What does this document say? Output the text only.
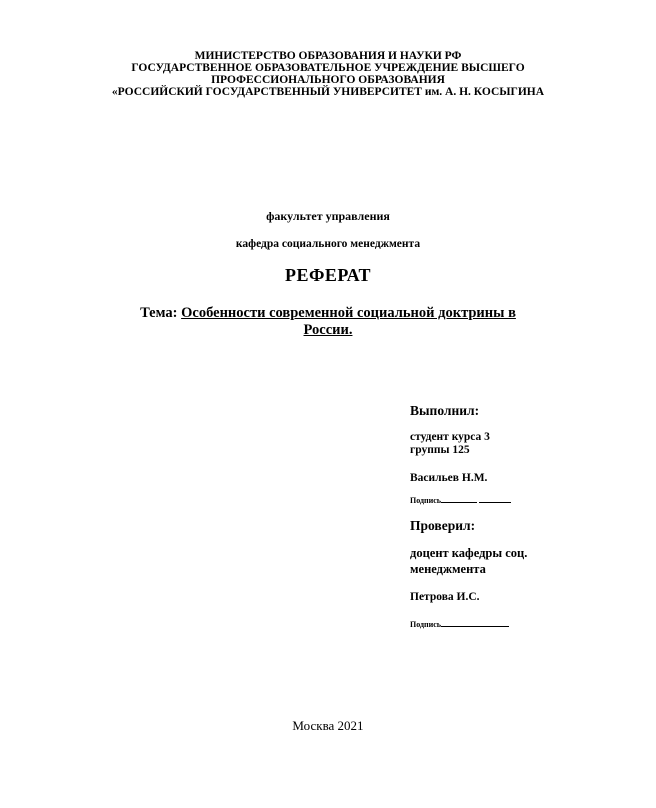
МИНИСТЕРСТВО ОБРАЗОВАНИЯ И НАУКИ РФ
ГОСУДАРСТВЕННОЕ ОБРАЗОВАТЕЛЬНОЕ УЧРЕЖДЕНИЕ ВЫСШЕГО
ПРОФЕССИОНАЛЬНОГО ОБРАЗОВАНИЯ
«РОССИЙСКИЙ ГОСУДАРСТВЕННЫЙ УНИВЕРСИТЕТ им. А. Н. КОСЫГИНА
факультет управления
кафедра социального менеджмента
РЕФЕРАТ
Тема: Особенности современной социальной доктрины в
России.
Выполнил:
студент курса 3
группы 125
Васильев Н.М.
Подпись
Проверил:
доцент кафедры соц.
менеджмента
Петрова И.С.
Подпись
Москва 2021
